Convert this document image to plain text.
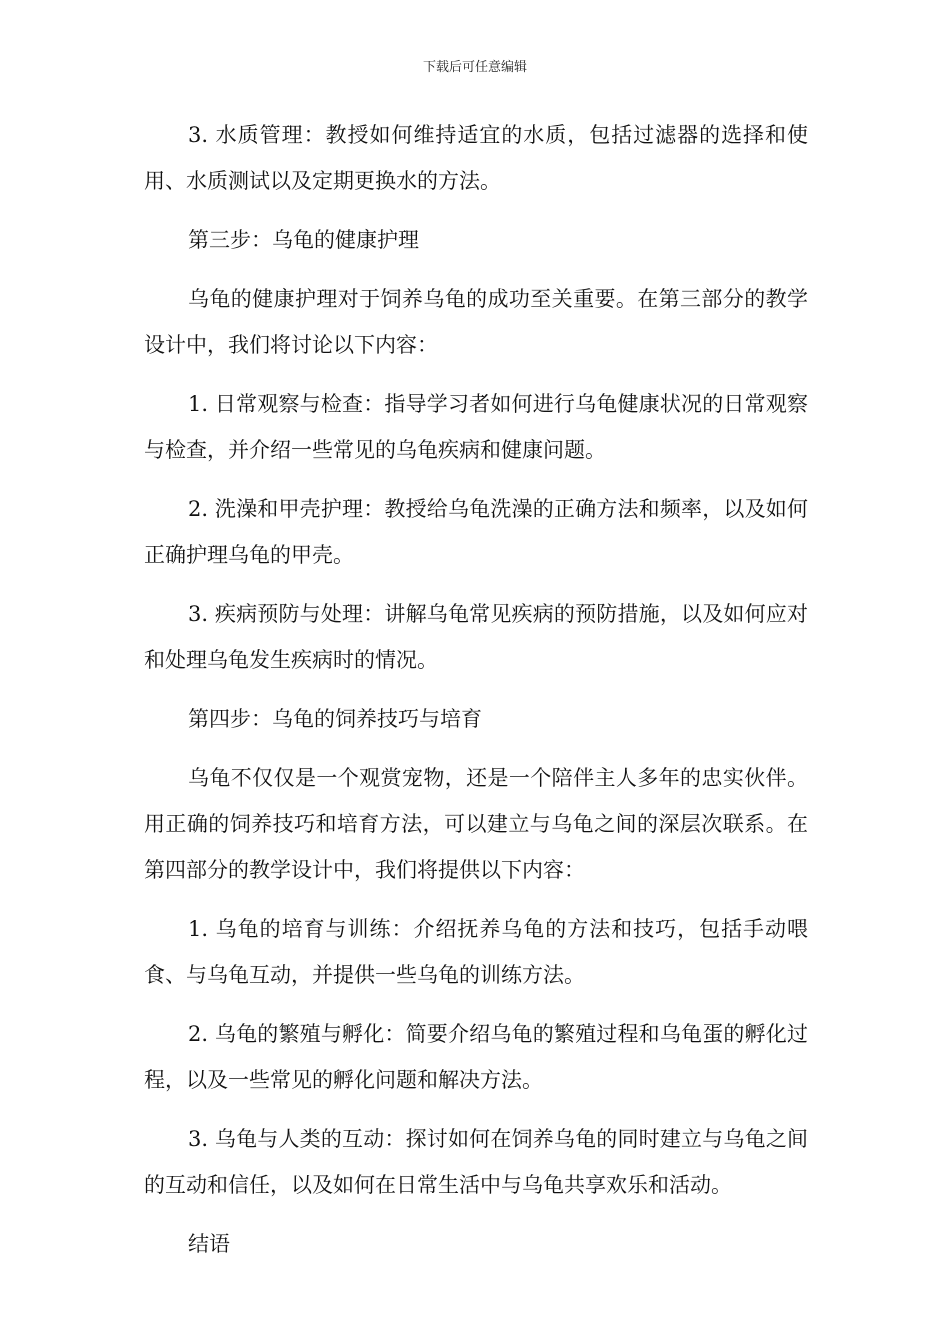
下载后可任意编辑

3. 水质管理：教授如何维持适宜的水质，包括过滤器的选择和使用、水质测试以及定期更换水的方法。

第三步：乌龟的健康护理

乌龟的健康护理对于饲养乌龟的成功至关重要。在第三部分的教学设计中，我们将讨论以下内容：

1. 日常观察与检查：指导学习者如何进行乌龟健康状况的日常观察与检查，并介绍一些常见的乌龟疾病和健康问题。

2. 洗澡和甲壳护理：教授给乌龟洗澡的正确方法和频率，以及如何正确护理乌龟的甲壳。

3. 疾病预防与处理：讲解乌龟常见疾病的预防措施，以及如何应对和处理乌龟发生疾病时的情况。

第四步：乌龟的饲养技巧与培育

乌龟不仅仅是一个观赏宠物，还是一个陪伴主人多年的忠实伙伴。用正确的饲养技巧和培育方法，可以建立与乌龟之间的深层次联系。在第四部分的教学设计中，我们将提供以下内容：

1. 乌龟的培育与训练：介绍抚养乌龟的方法和技巧，包括手动喂食、与乌龟互动，并提供一些乌龟的训练方法。

2. 乌龟的繁殖与孵化：简要介绍乌龟的繁殖过程和乌龟蛋的孵化过程，以及一些常见的孵化问题和解决方法。

3. 乌龟与人类的互动：探讨如何在饲养乌龟的同时建立与乌龟之间的互动和信任，以及如何在日常生活中与乌龟共享欢乐和活动。

结语
